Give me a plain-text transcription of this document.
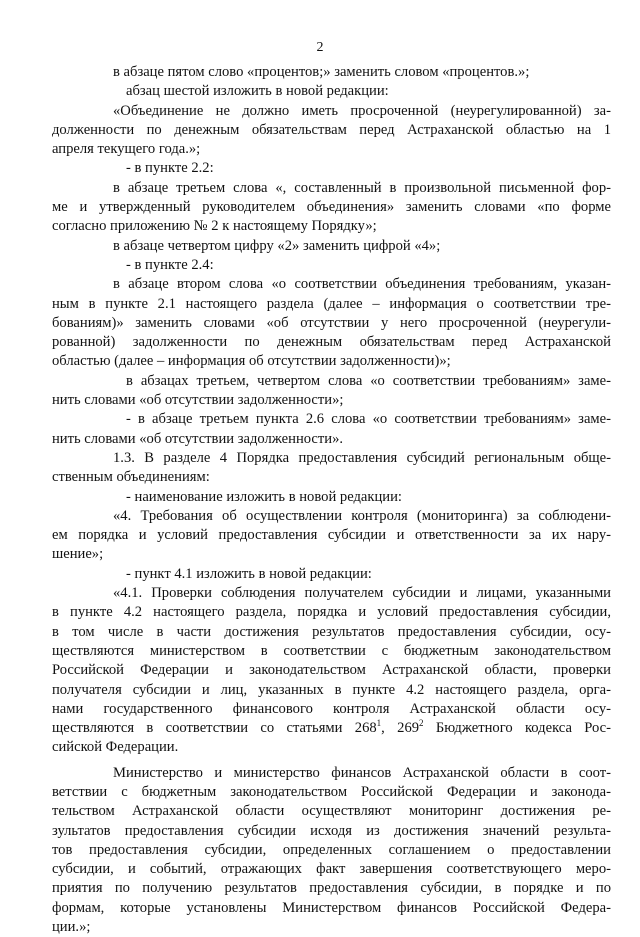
2
в абзаце пятом слово «процентов;» заменить словом «процентов.»;
абзац шестой изложить в новой редакции:
«Объединение не должно иметь просроченной (неурегулированной) за-
долженности по денежным обязательствам перед Астраханской областью на 1
апреля текущего года.»;
- в пункте 2.2:
в абзаце третьем слова «, составленный в произвольной письменной фор-
ме и утвержденный руководителем объединения» заменить словами «по форме
согласно приложению № 2 к настоящему Порядку»;
в абзаце четвертом цифру «2» заменить цифрой «4»;
- в пункте 2.4:
в абзаце втором слова «о соответствии объединения требованиям, указан-
ным в пункте 2.1 настоящего раздела (далее – информация о соответствии тре-
бованиям)» заменить словами «об отсутствии у него просроченной (неурегули-
рованной) задолженности по денежным обязательствам перед Астраханской
областью (далее – информация об отсутствии задолженности)»;
в абзацах третьем, четвертом слова «о соответствии требованиям» заме-
нить словами «об отсутствии задолженности»;
- в абзаце третьем пункта 2.6 слова «о соответствии требованиям» заме-
нить словами «об отсутствии задолженности».
1.3. В разделе 4 Порядка предоставления субсидий региональным обще-
ственным объединениям:
- наименование изложить в новой редакции:
«4. Требования об осуществлении контроля (мониторинга) за соблюдени-
ем порядка и условий предоставления субсидии и ответственности за их нару-
шение»;
- пункт 4.1 изложить в новой редакции:
«4.1. Проверки соблюдения получателем субсидии и лицами, указанными
в пункте 4.2 настоящего раздела, порядка и условий предоставления субсидии,
в том числе в части достижения результатов предоставления субсидии, осу-
ществляются министерством в соответствии с бюджетным законодательством
Российской Федерации и законодательством Астраханской области, проверки
получателя субсидии и лиц, указанных в пункте 4.2 настоящего раздела, орга-
нами государственного финансового контроля Астраханской области осу-
ществляются в соответствии со статьями $268^1$, $269^2$ Бюджетного кодекса Рос-
сийской Федерации.
Министерство и министерство финансов Астраханской области в соот-
ветствии с бюджетным законодательством Российской Федерации и законода-
тельством Астраханской области осуществляют мониторинг достижения ре-
зультатов предоставления субсидии исходя из достижения значений результа-
тов предоставления субсидии, определенных соглашением о предоставлении
субсидии, и событий, отражающих факт завершения соответствующего меро-
приятия по получению результатов предоставления субсидии, в порядке и по
формам, которые установлены Министерством финансов Российской Федера-
ции.»;
